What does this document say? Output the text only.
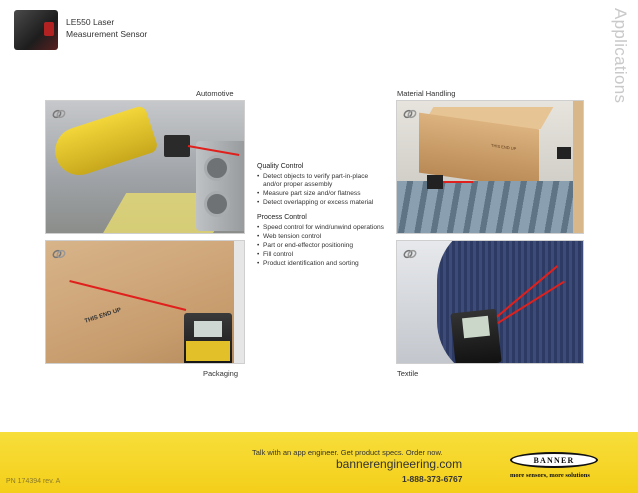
LE550 Laser
Measurement Sensor	Applications
Automotive	Material Handling
THIS END UP
THIS END UP
Packaging	Textile
Quality Control
• Detect objects to verify part-in-place and/or proper assembly
• Measure part size and/or flatness
• Detect overlapping or excess material
Process Control
• Speed control for wind/unwind operations
• Web tension control
• Part or end-effector positioning
• Fill control
• Product identification and sorting
Talk with an app engineer. Get product specs. Order now.
bannerengineering.com
1-888-373-6767
PN 174394 rev. A
BANNER
more sensors, more solutions
